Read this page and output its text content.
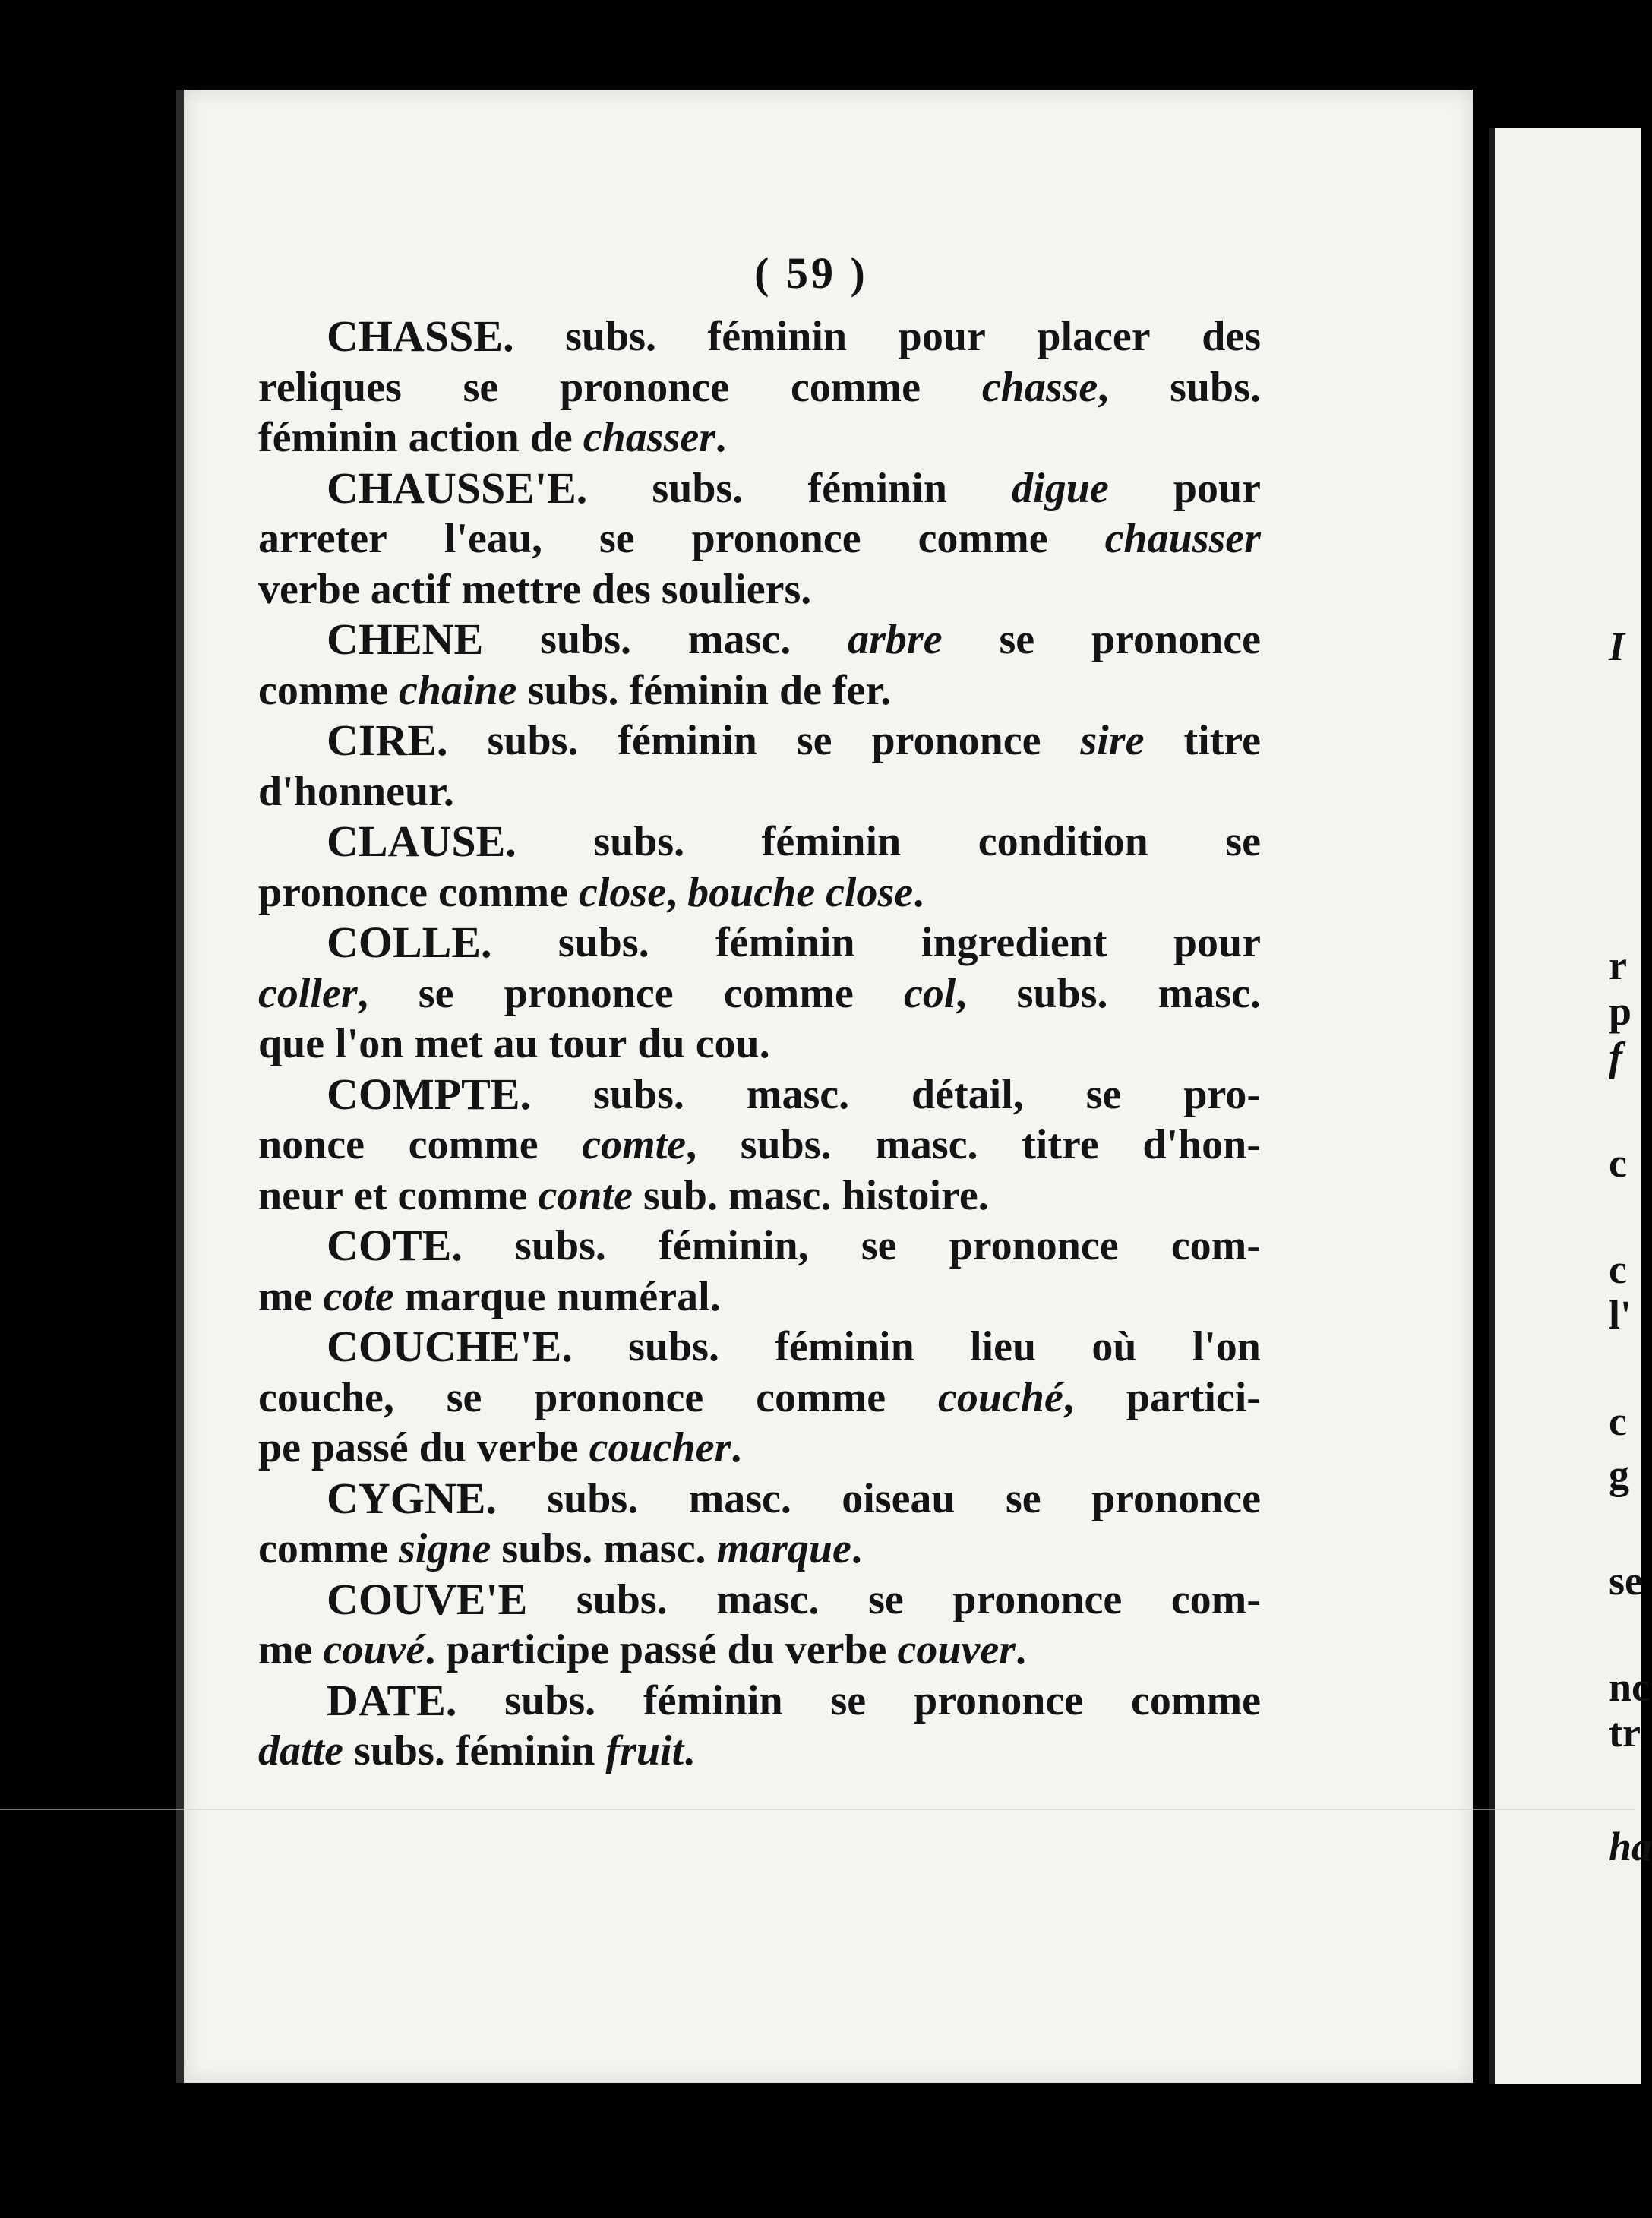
( 59 )
CHASSE. subs. féminin pour placer des
reliques se prononce comme chasse, subs.
féminin action de chasser.
CHAUSSE'E. subs. féminin digue pour
arreter l'eau, se prononce comme chausser
verbe actif mettre des souliers.
CHENE subs. masc. arbre se prononce
comme chaine subs. féminin de fer.
CIRE. subs. féminin se prononce sire titre
d'honneur.
CLAUSE. subs. féminin condition se
prononce comme close, bouche close.
COLLE. subs. féminin ingredient pour
coller, se prononce comme col, subs. masc.
que l'on met au tour du cou.
COMPTE. subs. masc. détail, se pro-
nonce comme comte, subs. masc. titre d'hon-
neur et comme conte sub. masc. histoire.
COTE. subs. féminin, se prononce com-
me cote marque numéral.
COUCHE'E. subs. féminin lieu où l'on
couche, se prononce comme couché, partici-
pe passé du verbe coucher.
CYGNE. subs. masc. oiseau se prononce
comme signe subs. masc. marque.
COUVE'E subs. masc. se prononce com-
me couvé. participe passé du verbe couver.
DATE. subs. féminin se prononce comme
datte subs. féminin fruit.
I
r
p
f
c
c
l'
c
g
se
nc
tr
ha
